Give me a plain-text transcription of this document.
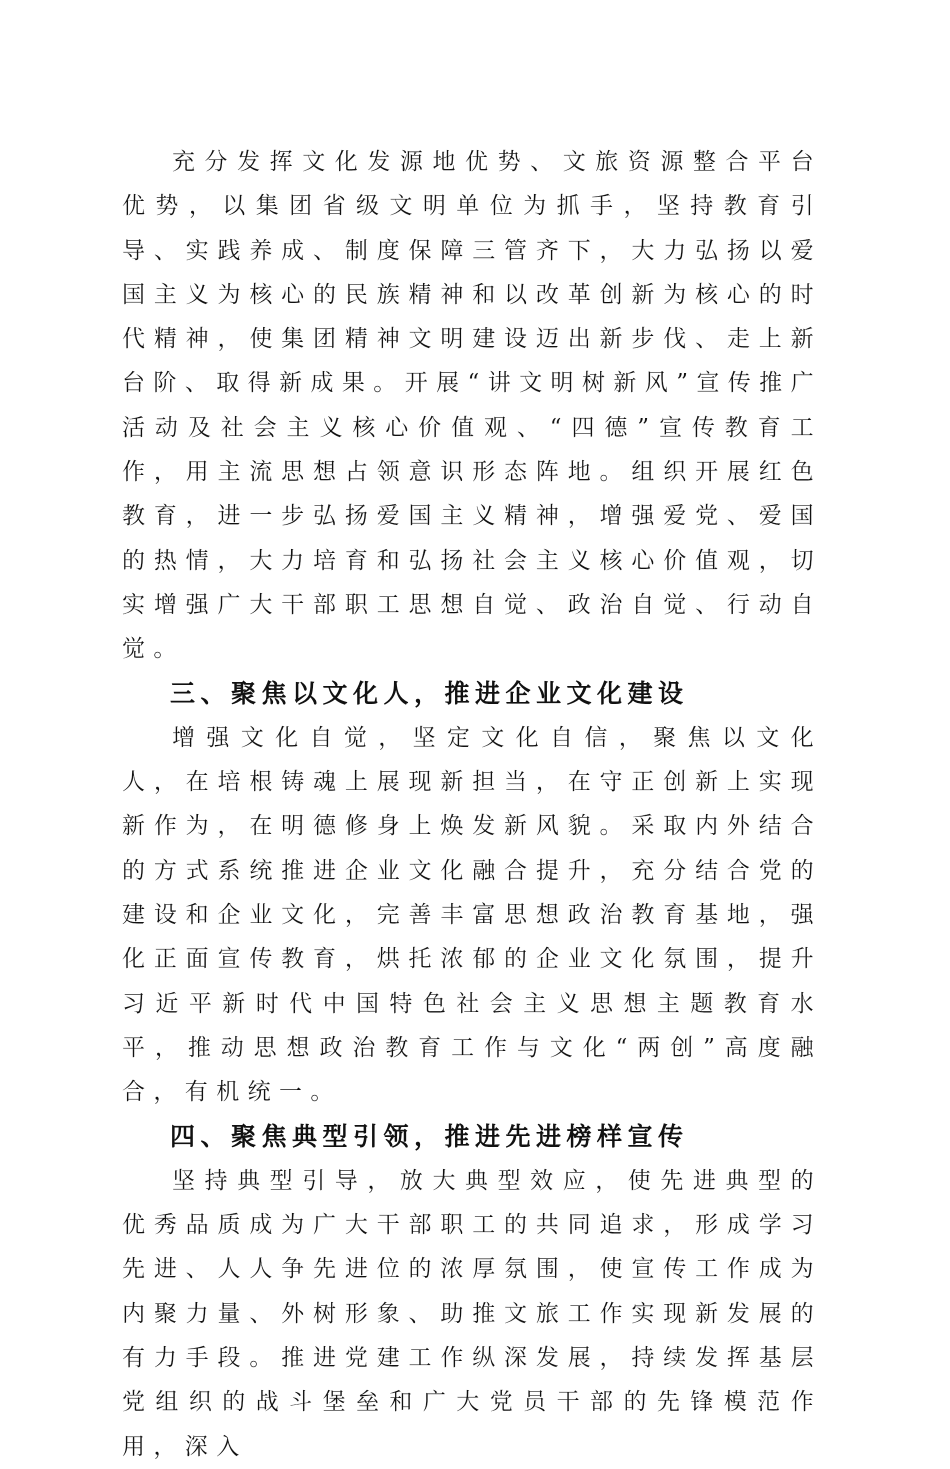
充分发挥文化发源地优势、文旅资源整合平台优势，以集团省级文明单位为抓手，坚持教育引导、实践养成、制度保障三管齐下，大力弘扬以爱国主义为核心的民族精神和以改革创新为核心的时代精神，使集团精神文明建设迈出新步伐、走上新台阶、取得新成果。开展“讲文明树新风”宣传推广活动及社会主义核心价值观、“四德”宣传教育工作，用主流思想占领意识形态阵地。组织开展红色教育，进一步弘扬爱国主义精神，增强爱党、爱国的热情，大力培育和弘扬社会主义核心价值观，切实增强广大干部职工思想自觉、政治自觉、行动自觉。

三、聚焦以文化人，推进企业文化建设

增强文化自觉，坚定文化自信，聚焦以文化人，在培根铸魂上展现新担当，在守正创新上实现新作为，在明德修身上焕发新风貌。采取内外结合的方式系统推进企业文化融合提升，充分结合党的建设和企业文化，完善丰富思想政治教育基地，强化正面宣传教育，烘托浓郁的企业文化氛围，提升习近平新时代中国特色社会主义思想主题教育水平，推动思想政治教育工作与文化“两创”高度融合，有机统一。

四、聚焦典型引领，推进先进榜样宣传

坚持典型引导，放大典型效应，使先进典型的优秀品质成为广大干部职工的共同追求，形成学习先进、人人争先进位的浓厚氛围，使宣传工作成为内聚力量、外树形象、助推文旅工作实现新发展的有力手段。推进党建工作纵深发展，持续发挥基层党组织的战斗堡垒和广大党员干部的先锋模范作用，深入
